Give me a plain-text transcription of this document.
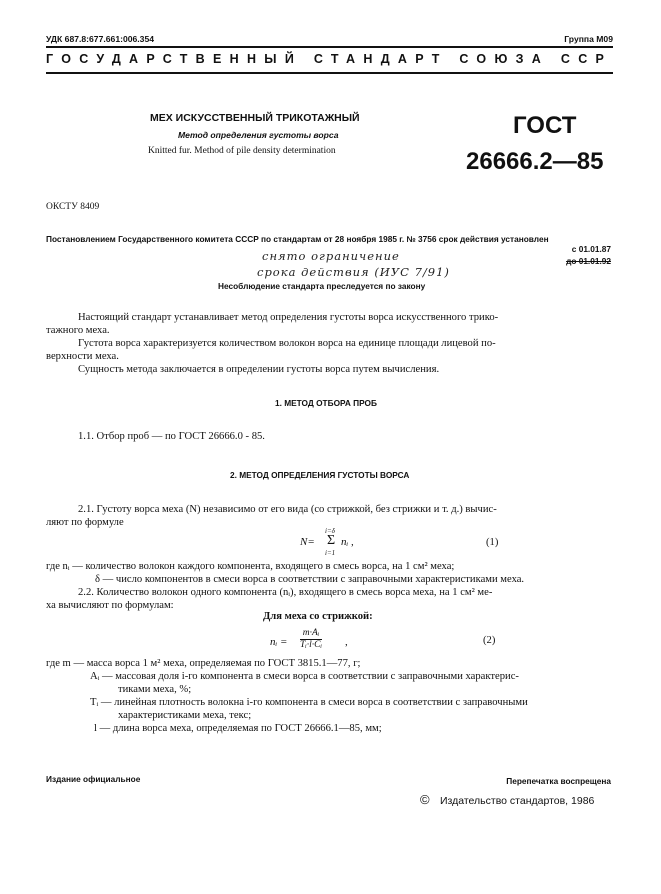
УДК 687.8:677.661:006.354	Группа М09
ГОСУДАРСТВЕННЫЙ СТАНДАРТ СОЮЗА ССР
МЕХ ИСКУССТВЕННЫЙ ТРИКОТАЖНЫЙ
Метод определения густоты ворса
Knitted fur. Method of pile density determination
ГОСТ
26666.2—85
ОКСТУ 8409
Постановлением Государственного комитета СССР по стандартам от 28 ноября 1985 г. № 3756 срок действия установлен
с 01.01.87
до 01.01.92
снято ограничение
срока действия (ИУС 7/91)
Несоблюдение стандарта преследуется по закону
Настоящий стандарт устанавливает метод определения густоты ворса искусственного трико-
тажного меха.
Густота ворса характеризуется количеством волокон ворса на единице площади лицевой по-
верхности меха.
Сущность метода заключается в определении густоты ворса путем вычисления.
1. МЕТОД ОТБОРА ПРОБ
1.1. Отбор проб — по ГОСТ 26666.0 - 85.
2. МЕТОД ОПРЕДЕЛЕНИЯ ГУСТОТЫ ВОРСА
2.1. Густоту ворса меха (N) независимо от его вида (со стрижкой, без стрижки и т. д.) вычис-
ляют по формуле
N=
i=δ
Σ
i=1
nᵢ ,	(1)
где nᵢ — количество волокон каждого компонента, входящего в смесь ворса, на 1 см² меха;
δ — число компонентов в смеси ворса в соответствии с заправочными характеристиками меха.
2.2. Количество волокон одного компонента (nᵢ), входящего в смесь ворса меха, на 1 см² ме-
ха вычисляют по формулам:
Для меха со стрижкой:
nᵢ = $\frac{\text{m·Aᵢ}}{\text{Tᵢ·l·Cᵢ}}$ ,	(2)
где m — масса ворса 1 м² меха, определяемая по ГОСТ 3815.1—77, г;
Aᵢ — массовая доля i-го компонента в смеси ворса в соответствии с заправочными характерис-
тиками меха, %;
Tᵢ — линейная плотность волокна i-го компонента в смеси ворса в соответствии с заправочными
характеристиками меха, текс;
l — длина ворса меха, определяемая по ГОСТ 26666.1—85, мм;
Издание официальное	Перепечатка воспрещена
© Издательство стандартов, 1986
